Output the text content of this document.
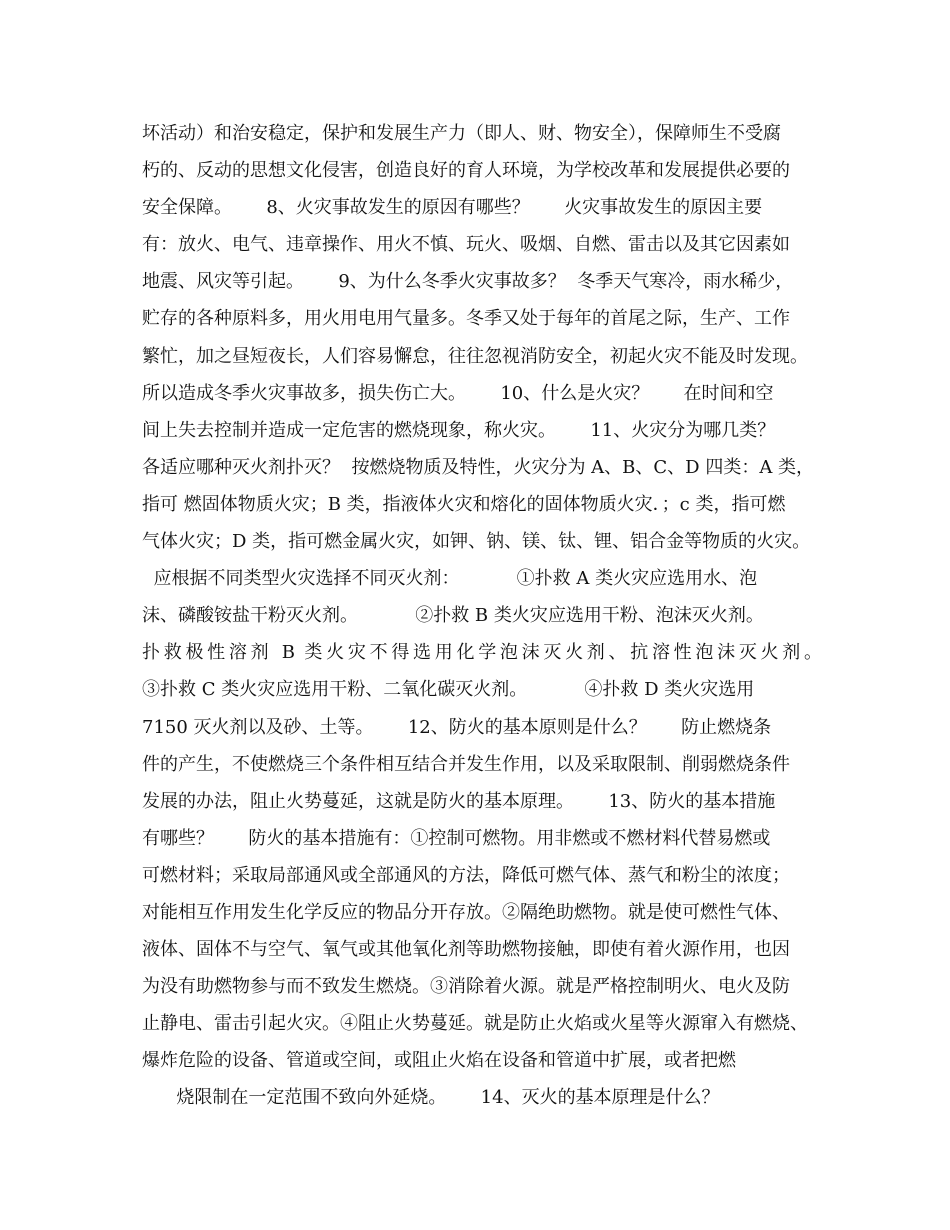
坏活动）和治安稳定，保护和发展生产力（即人、财、物安全），保障师生不受腐
朽的、反动的思想文化侵害，创造良好的育人环境，为学校改革和发展提供必要的
安全保障。      8、火灾事故发生的原因有哪些？      火灾事故发生的原因主要
有：放火、电气、违章操作、用火不慎、玩火、吸烟、自燃、雷击以及其它因素如
地震、风灾等引起。      9、为什么冬季火灾事故多？  冬季天气寒冷，雨水稀少，
贮存的各种原料多，用火用电用气量多。冬季又处于每年的首尾之际，生产、工作
繁忙，加之昼短夜长，人们容易懈怠，往往忽视消防安全，初起火灾不能及时发现。
所以造成冬季火灾事故多，损失伤亡大。      10、什么是火灾？      在时间和空
间上失去控制并造成一定危害的燃烧现象，称火灾。      11、火灾分为哪几类？
各适应哪种灭火剂扑灭？  按燃烧物质及特性，火灾分为 A、B、C、D 四类：A 类，
指可 燃固体物质火灾；B 类，指液体火灾和熔化的固体物质火灾．；c 类，指可燃
气体火灾；D 类，指可燃金属火灾，如钾、钠、镁、钛、锂、铝合金等物质的火灾。
应根据不同类型火灾选择不同灭火剂：          ①扑救 A 类火灾应选用水、泡
沫、磷酸铵盐干粉灭火剂。          ②扑救 B 类火灾应选用干粉、泡沫灭火剂。
扑救极性溶剂 B 类火灾不得选用化学泡沫灭火剂、抗溶性泡沫灭火剂。
③扑救 C 类火灾应选用干粉、二氧化碳灭火剂。          ④扑救 D 类火灾选用
7150 灭火剂以及砂、土等。      12、防火的基本原则是什么？      防止燃烧条
件的产生，不使燃烧三个条件相互结合并发生作用，以及采取限制、削弱燃烧条件
发展的办法，阻止火势蔓延，这就是防火的基本原理。      13、防火的基本措施
有哪些？      防火的基本措施有：①控制可燃物。用非燃或不燃材料代替易燃或
可燃材料；采取局部通风或全部通风的方法，降低可燃气体、蒸气和粉尘的浓度；
对能相互作用发生化学反应的物品分开存放。②隔绝助燃物。就是使可燃性气体、
液体、固体不与空气、氧气或其他氧化剂等助燃物接触，即使有着火源作用，也因
为没有助燃物参与而不致发生燃烧。③消除着火源。就是严格控制明火、电火及防
止静电、雷击引起火灾。④阻止火势蔓延。就是防止火焰或火星等火源窜入有燃烧、
爆炸危险的设备、管道或空间，或阻止火焰在设备和管道中扩展，或者把燃
烧限制在一定范围不致向外延烧。      14、灭火的基本原理是什么？
